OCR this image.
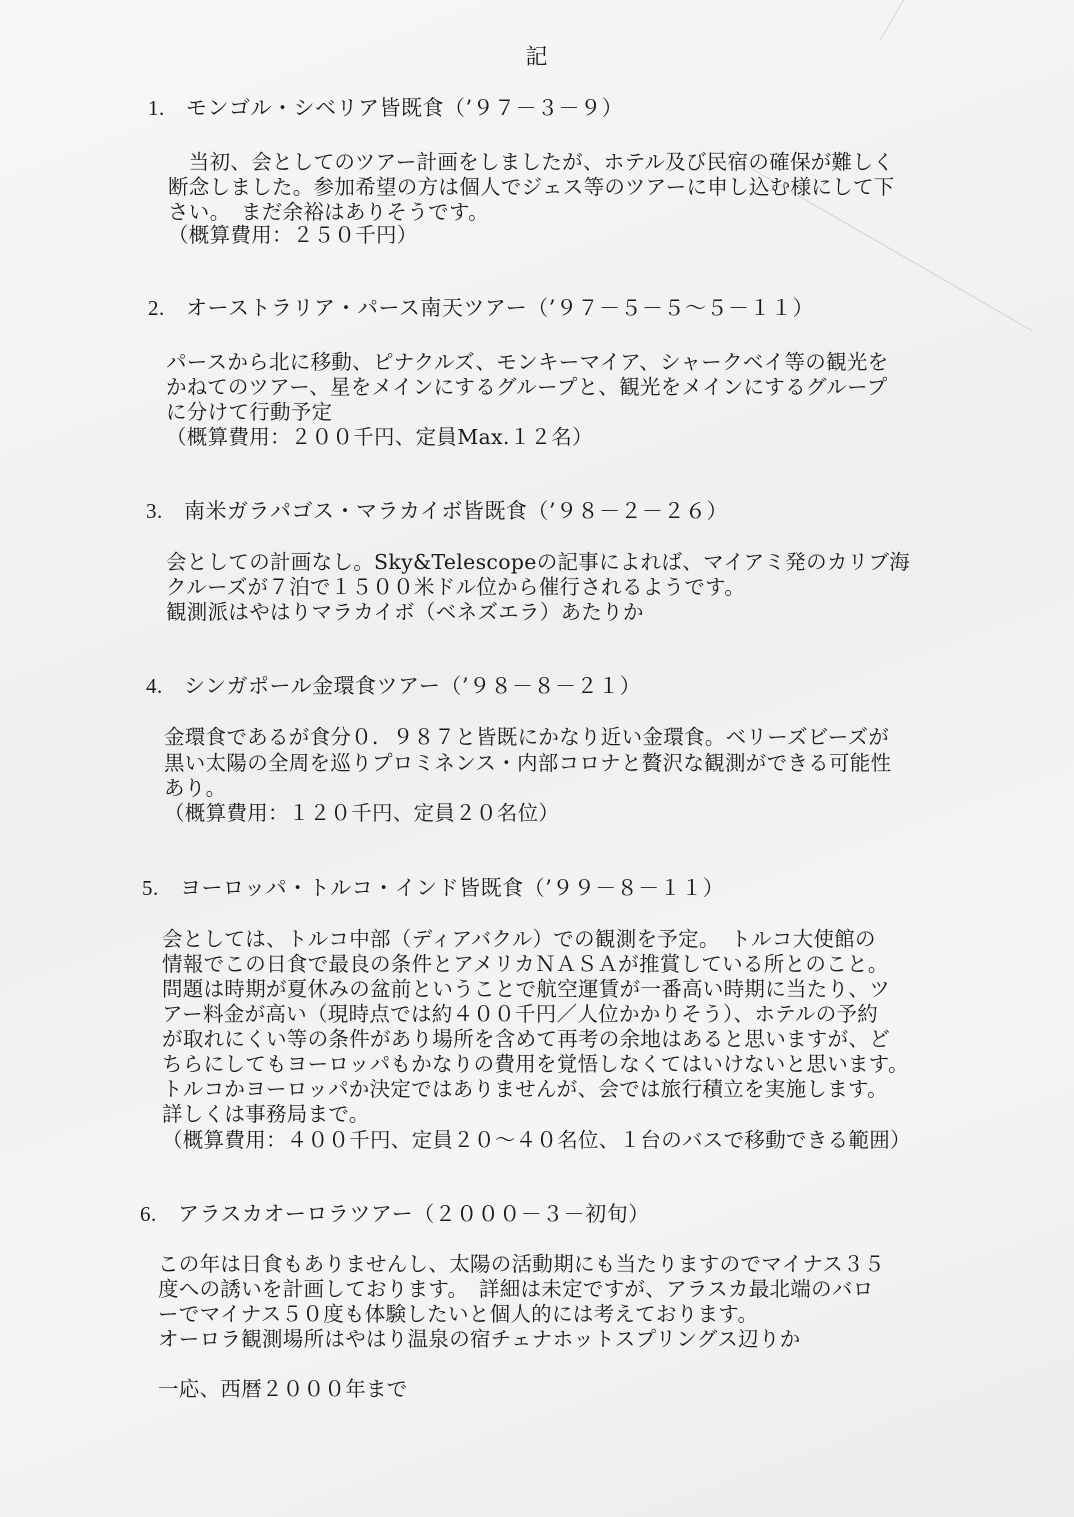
記
1. モンゴル・シベリア皆既食（’９７－３－９）
　当初、会としてのツアー計画をしましたが、ホテル及び民宿の確保が難しく
断念しました。参加希望の方は個人でジェス等のツアーに申し込む様にして下
さい。　まだ余裕はありそうです。
（概算費用：２５０千円）
2. オーストラリア・パース南天ツアー（’９７－５－５～５－１１）
パースから北に移動、ピナクルズ、モンキーマイア、シャークベイ等の観光を
かねてのツアー、星をメインにするグループと、観光をメインにするグループ
に分けて行動予定
（概算費用：２００千円、定員Max.１２名）
3. 南米ガラパゴス・マラカイボ皆既食（’９８－２－２６）
会としての計画なし。Sky&Telescopeの記事によれば、マイアミ発のカリブ海
クルーズが７泊で１５００米ドル位から催行されるようです。
観測派はやはりマラカイボ（ベネズエラ）あたりか
4. シンガポール金環食ツアー（’９８－８－２１）
金環食であるが食分０．９８７と皆既にかなり近い金環食。ベリーズビーズが
黒い太陽の全周を巡りプロミネンス・内部コロナと贅沢な観測ができる可能性
あり。
（概算費用：１２０千円、定員２０名位）
5. ヨーロッパ・トルコ・インド皆既食（’９９－８－１１）
会としては、トルコ中部（ディアバクル）での観測を予定。　トルコ大使館の
情報でこの日食で最良の条件とアメリカＮＡＳＡが推賞している所とのこと。
問題は時期が夏休みの盆前ということで航空運賃が一番高い時期に当たり、ツ
アー料金が高い（現時点では約４００千円／人位かかりそう）、ホテルの予約
が取れにくい等の条件があり場所を含めて再考の余地はあると思いますが、ど
ちらにしてもヨーロッパもかなりの費用を覚悟しなくてはいけないと思います。
トルコかヨーロッパか決定ではありませんが、会では旅行積立を実施します。
詳しくは事務局まで。
（概算費用：４００千円、定員２０～４０名位、１台のバスで移動できる範囲）
6. アラスカオーロラツアー（２０００－３－初旬）
この年は日食もありませんし、太陽の活動期にも当たりますのでマイナス３５
度への誘いを計画しております。　詳細は未定ですが、アラスカ最北端のバロ
ーでマイナス５０度も体験したいと個人的には考えております。
オーロラ観測場所はやはり温泉の宿チェナホットスプリングス辺りか
一応、西暦２０００年まで
